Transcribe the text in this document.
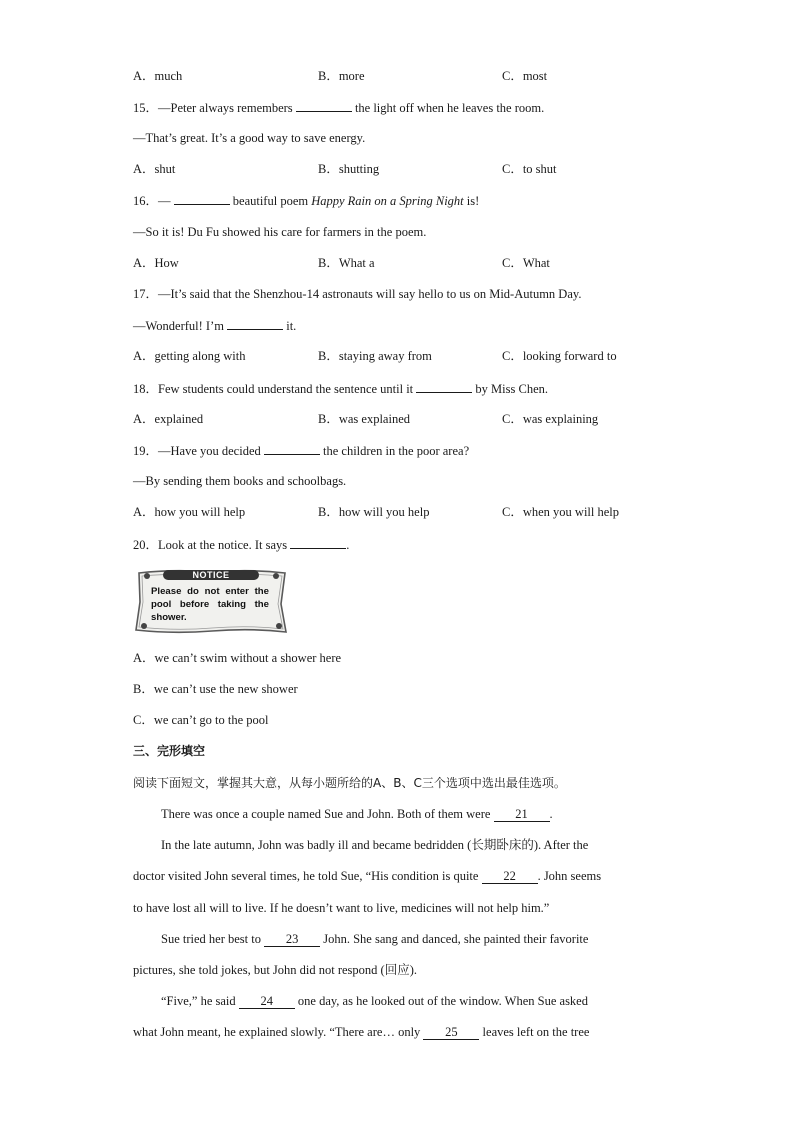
A．much	B．more	C．most
15．—Peter always remembers	the light off when he leaves the room.
—That’s great. It’s a good way to save energy.
A．shut	B．shutting	C．to shut
16．—	beautiful poem Happy Rain on a Spring Night is!
—So it is! Du Fu showed his care for farmers in the poem.
A．How	B．What a	C．What
17．—It’s said that the Shenzhou-14 astronauts will say hello to us on Mid-Autumn Day.
—Wonderful! I’m	it.
A．getting along with	B．staying away from	C．looking forward to
18．Few students could understand the sentence until it	by Miss Chen.
A．explained	B．was explained	C．was explaining
19．—Have you decided	the children in the poor area?
—By sending them books and schoolbags.
A．how you will help	B．how will you help	C．when you will help
20．Look at the notice. It says	.
NOTICE
Please do not enter the pool before taking the shower.
A．we can’t swim without a shower here
B．we can’t use the new shower
C．we can’t go to the pool
三、完形填空
阅读下面短文，掌握其大意，从每小题所给的A、B、C三个选项中选出最佳选项。
There was once a couple named Sue and John. Both of them were 21 .
In the late autumn, John was badly ill and became bedridden (长期卧床的). After the
doctor visited John several times, he told Sue, “His condition is quite 22 . John seems
to have lost all will to live. If he doesn’t want to live, medicines will not help him.”
Sue tried her best to 23 John. She sang and danced, she painted their favorite
pictures, she told jokes, but John did not respond (回应).
“Five,” he said 24 one day, as he looked out of the window. When Sue asked
what John meant, he explained slowly. “There are… only 25 leaves left on the tree
